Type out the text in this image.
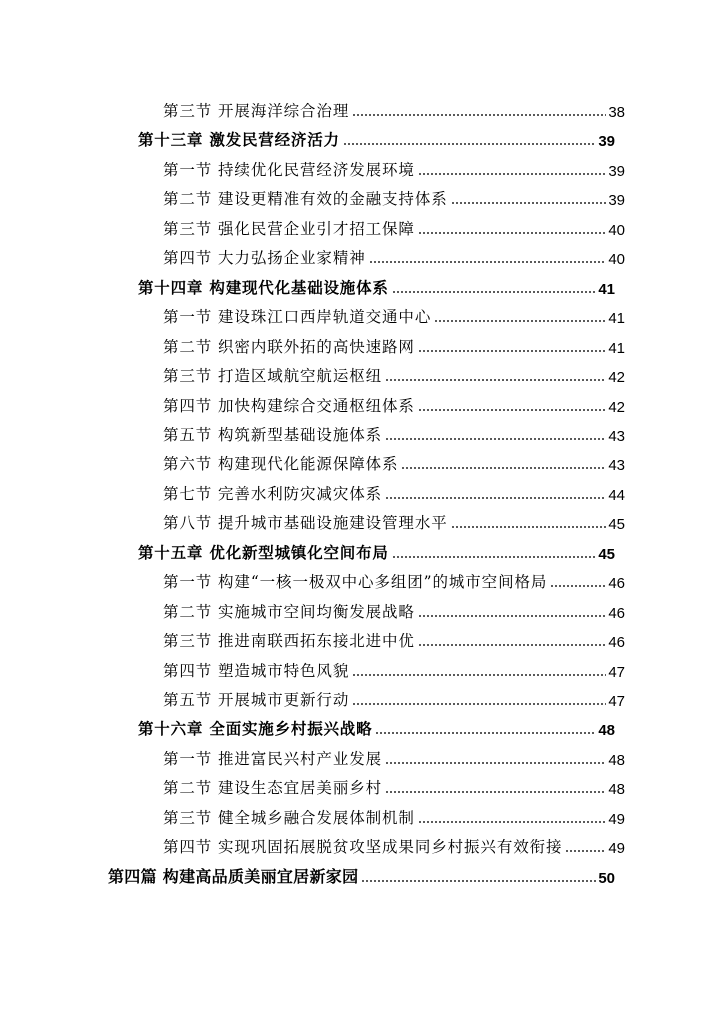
第三节 开展海洋综合治理	38
第十三章 激发民营经济活力	39
第一节 持续优化民营经济发展环境	39
第二节 建设更精准有效的金融支持体系	39
第三节 强化民营企业引才招工保障	40
第四节 大力弘扬企业家精神	40
第十四章 构建现代化基础设施体系	41
第一节 建设珠江口西岸轨道交通中心	41
第二节 织密内联外拓的高快速路网	41
第三节 打造区域航空航运枢纽	42
第四节 加快构建综合交通枢纽体系	42
第五节 构筑新型基础设施体系	43
第六节 构建现代化能源保障体系	43
第七节 完善水利防灾减灾体系	44
第八节 提升城市基础设施建设管理水平	45
第十五章 优化新型城镇化空间布局	45
第一节 构建“一核一极双中心多组团”的城市空间格局	46
第二节 实施城市空间均衡发展战略	46
第三节 推进南联西拓东接北进中优	46
第四节 塑造城市特色风貌	47
第五节 开展城市更新行动	47
第十六章 全面实施乡村振兴战略	48
第一节 推进富民兴村产业发展	48
第二节 建设生态宜居美丽乡村	48
第三节 健全城乡融合发展体制机制	49
第四节 实现巩固拓展脱贫攻坚成果同乡村振兴有效衔接	49
第四篇 构建高品质美丽宜居新家园	50
